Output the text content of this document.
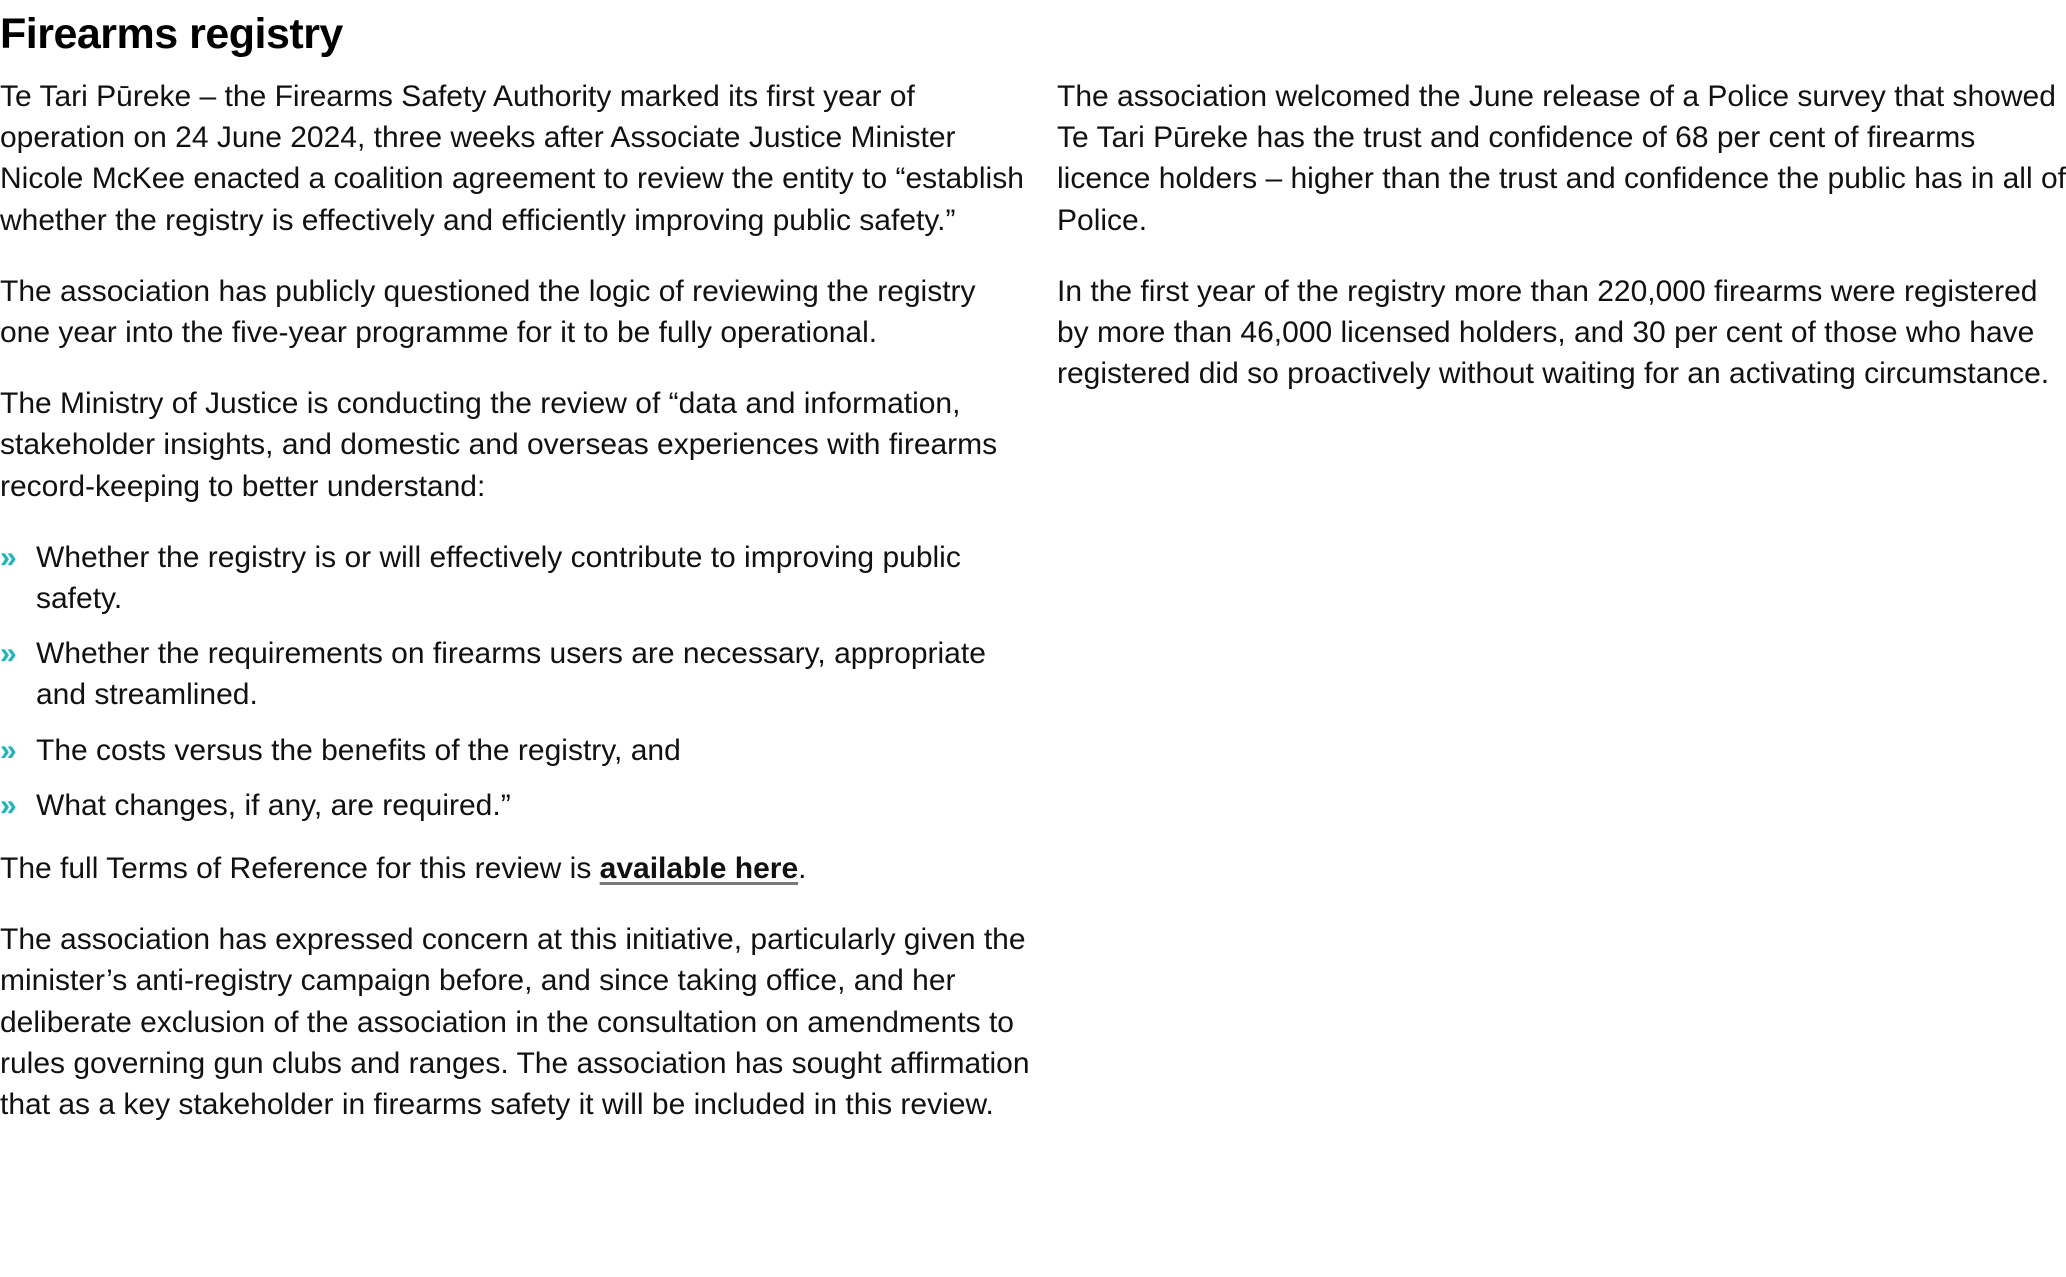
Firearms registry

Te Tari Pūreke – the Firearms Safety Authority marked its first year of operation on 24 June 2024, three weeks after Associate Justice Minister Nicole McKee enacted a coalition agreement to review the entity to “establish whether the registry is effectively and efficiently improving public safety.”

The association has publicly questioned the logic of reviewing the registry one year into the five-year programme for it to be fully operational.

The Ministry of Justice is conducting the review of “data and information, stakeholder insights, and domestic and overseas experiences with firearms record-keeping to better understand:

» Whether the registry is or will effectively contribute to improving public safety.
» Whether the requirements on firearms users are necessary, appropriate and streamlined.
» The costs versus the benefits of the registry, and
» What changes, if any, are required.”

The full Terms of Reference for this review is available here.

The association has expressed concern at this initiative, particularly given the minister’s anti-registry campaign before, and since taking office, and her deliberate exclusion of the association in the consultation on amendments to rules governing gun clubs and ranges. The association has sought affirmation that as a key stakeholder in firearms safety it will be included in this review.

The association welcomed the June release of a Police survey that showed Te Tari Pūreke has the trust and confidence of 68 per cent of firearms licence holders – higher than the trust and confidence the public has in all of Police.

In the first year of the registry more than 220,000 firearms were registered by more than 46,000 licensed holders, and 30 per cent of those who have registered did so proactively without waiting for an activating circumstance.
